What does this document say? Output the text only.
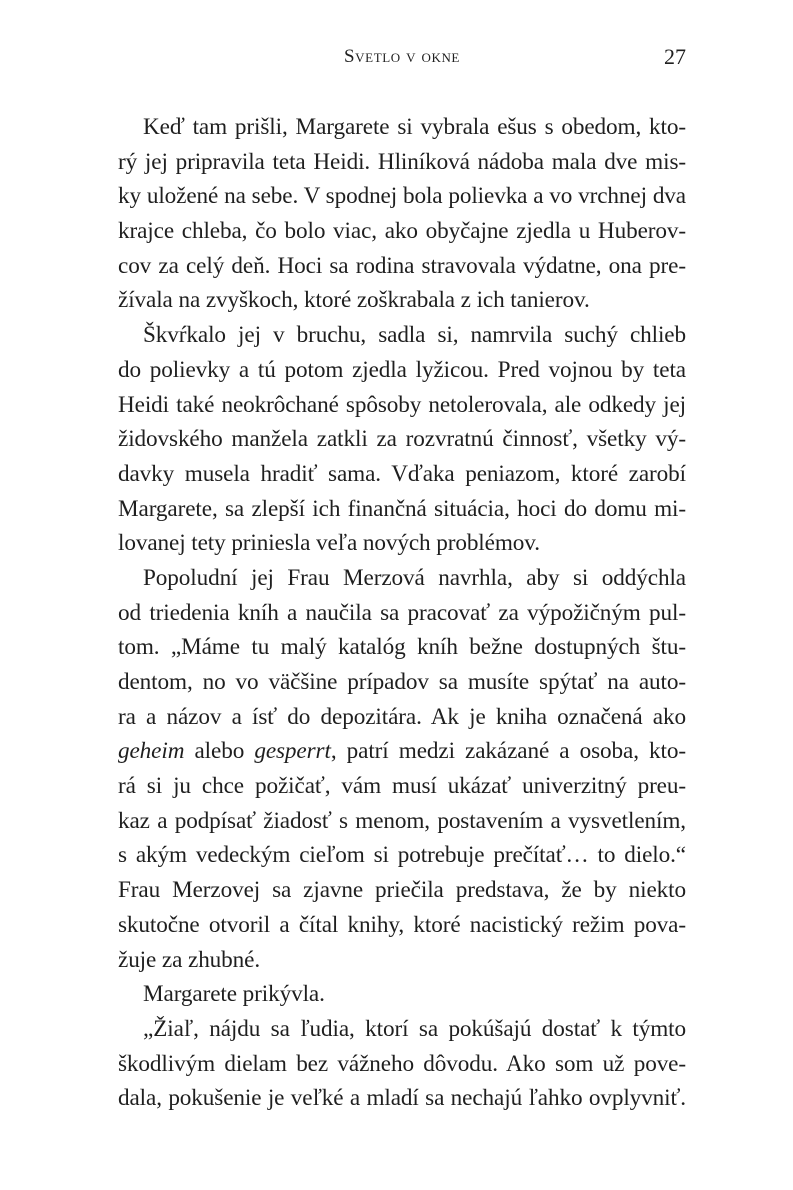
Svetlo v okne	27
Keď tam prišli, Margarete si vybrala ešus s obedom, kto-
rý jej pripravila teta Heidi. Hliníková nádoba mala dve mis-
ky uložené na sebe. V spodnej bola polievka a vo vrchnej dva
krajce chleba, čo bolo viac, ako obyčajne zjedla u Huberov-
cov za celý deň. Hoci sa rodina stravovala výdatne, ona pre-
žívala na zvyškoch, ktoré zoškrabala z ich tanierov.
Škvŕkalo jej v bruchu, sadla si, namrvila suchý chlieb
do polievky a tú potom zjedla lyžicou. Pred vojnou by teta
Heidi také neokrôchané spôsoby netolerovala, ale odkedy jej
židovského manžela zatkli za rozvratnú činnosť, všetky vý-
davky musela hradiť sama. Vďaka peniazom, ktoré zarobí
Margarete, sa zlepší ich finančná situácia, hoci do domu mi-
lovanej tety priniesla veľa nových problémov.
Popoludní jej Frau Merzová navrhla, aby si oddýchla
od triedenia kníh a naučila sa pracovať za výpožičným pul-
tom. „Máme tu malý katalóg kníh bežne dostupných štu-
dentom, no vo väčšine prípadov sa musíte spýtať na auto-
ra a názov a ísť do depozitára. Ak je kniha označená ako
geheim alebo gesperrt, patrí medzi zakázané a osoba, kto-
rá si ju chce požičať, vám musí ukázať univerzitný preu-
kaz a podpísať žiadosť s menom, postavením a vysvetlením,
s akým vedeckým cieľom si potrebuje prečítať… to dielo.“
Frau Merzovej sa zjavne priečila predstava, že by niekto
skutočne otvoril a čítal knihy, ktoré nacistický režim pova-
žuje za zhubné.
Margarete prikývla.
„Žiaľ, nájdu sa ľudia, ktorí sa pokúšajú dostať k týmto
škodlivým dielam bez vážneho dôvodu. Ako som už pove-
dala, pokušenie je veľké a mladí sa nechajú ľahko ovplyvniť.
